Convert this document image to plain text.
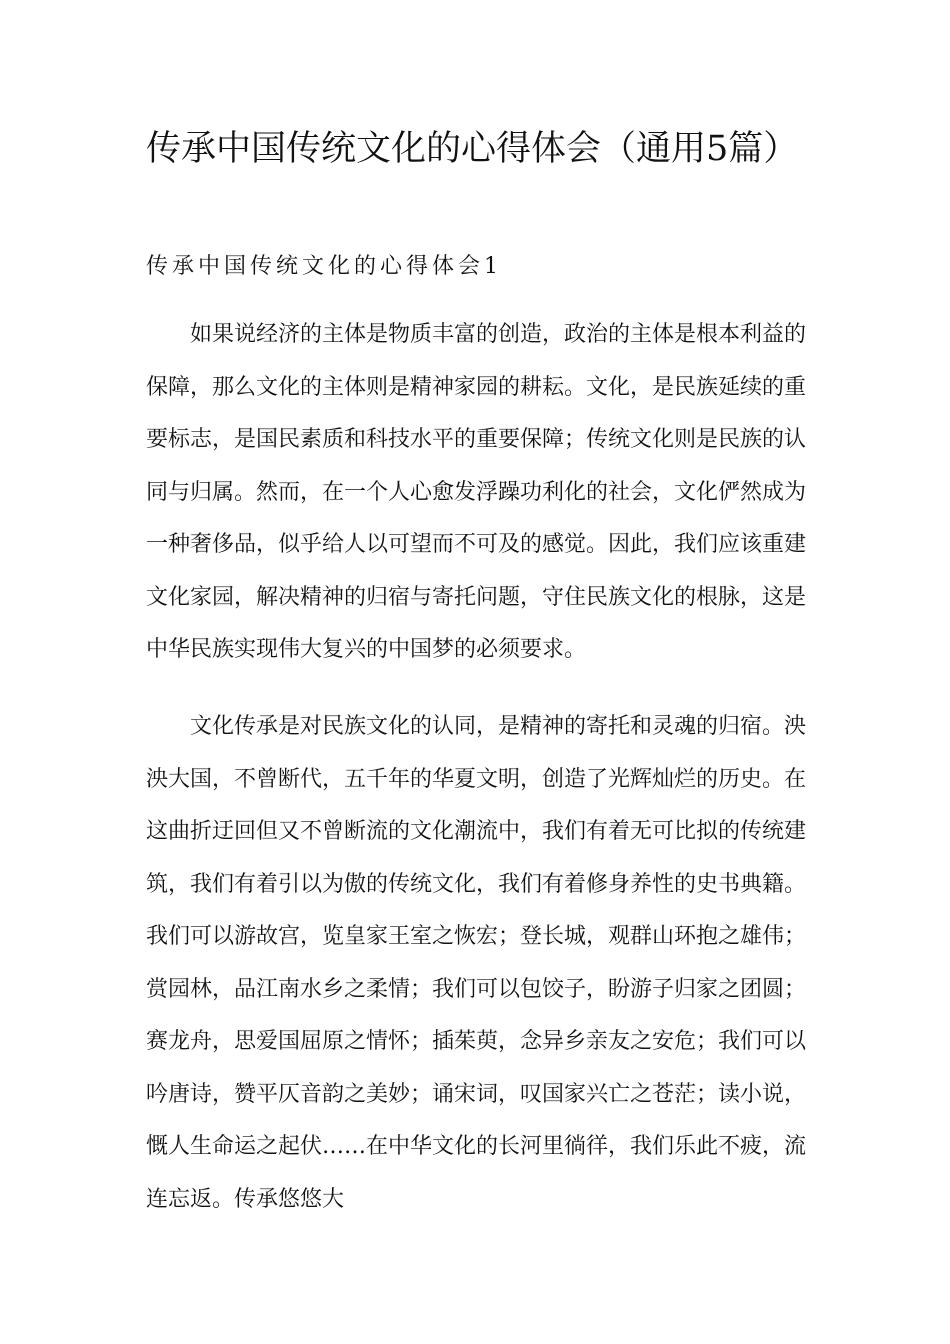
传承中国传统文化的心得体会（通用5篇）
传承中国传统文化的心得体会1

如果说经济的主体是物质丰富的创造，政治的主体是根本利益的保障，那么文化的主体则是精神家园的耕耘。文化，是民族延续的重要标志，是国民素质和科技水平的重要保障；传统文化则是民族的认同与归属。然而，在一个人心愈发浮躁功利化的社会，文化俨然成为一种奢侈品，似乎给人以可望而不可及的感觉。因此，我们应该重建文化家园，解决精神的归宿与寄托问题，守住民族文化的根脉，这是中华民族实现伟大复兴的中国梦的必须要求。

文化传承是对民族文化的认同，是精神的寄托和灵魂的归宿。泱泱大国，不曾断代，五千年的华夏文明，创造了光辉灿烂的历史。在这曲折迂回但又不曾断流的文化潮流中，我们有着无可比拟的传统建筑，我们有着引以为傲的传统文化，我们有着修身养性的史书典籍。我们可以游故宫，览皇家王室之恢宏；登长城，观群山环抱之雄伟；赏园林，品江南水乡之柔情；我们可以包饺子，盼游子归家之团圆；赛龙舟，思爱国屈原之情怀；插茱萸，念异乡亲友之安危；我们可以吟唐诗，赞平仄音韵之美妙；诵宋词，叹国家兴亡之苍茫；读小说，慨人生命运之起伏……在中华文化的长河里徜徉，我们乐此不疲，流连忘返。传承悠悠大
